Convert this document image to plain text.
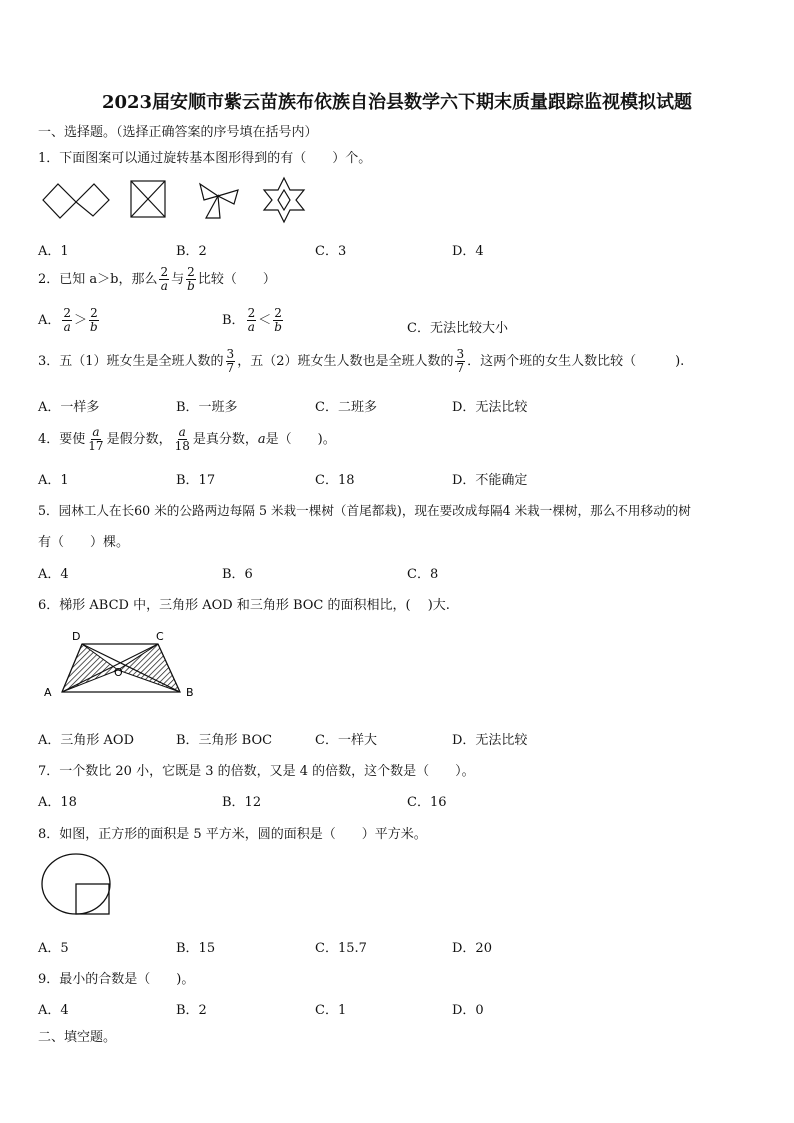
2023届安顺市紫云苗族布依族自治县数学六下期末质量跟踪监视模拟试题
一、选择题。（选择正确答案的序号填在括号内）
1．下面图案可以通过旋转基本图形得到的有（　　）个。
A．1	B．2	C．3	D．4
2．已知 a＞b，那么 $\frac{2}{a}$ 与 $\frac{2}{b}$ 比较（　　）
A． $\frac{2}{a} > \frac{2}{b}$	B． $\frac{2}{a} < \frac{2}{b}$	C．无法比较大小
3．五（1）班女生是全班人数的 $\frac{3}{7}$ ，五（2）班女生人数也是全班人数的 $\frac{3}{7}$ ．这两个班的女生人数比较（　　　).
A．一样多	B．一班多	C．二班多	D．无法比较
4．要使 $\frac{a}{17}$ 是假分数， $\frac{a}{18}$ 是真分数，a是（　　)。
A．1	B．17	C．18	D．不能确定
5．园林工人在长60 米的公路两边每隔 5 米栽一棵树（首尾都栽)，现在要改成每隔4 米栽一棵树，那么不用移动的树
有（　　）棵。
A．4	B．6	C．8
6．梯形 ABCD 中，三角形 AOD 和三角形 BOC 的面积相比，(　 )大.
D	C
A	B
O
A．三角形 AOD	B．三角形 BOC	C．一样大	D．无法比较
7．一个数比 20 小，它既是 3 的倍数，又是 4 的倍数，这个数是（　　）。
A．18	B．12	C．16
8．如图，正方形的面积是 5 平方米，圆的面积是（　　）平方米。
A．5	B．15	C．15.7	D．20
9．最小的合数是（　　)。
A．4	B．2	C．1	D．0
二、填空题。
